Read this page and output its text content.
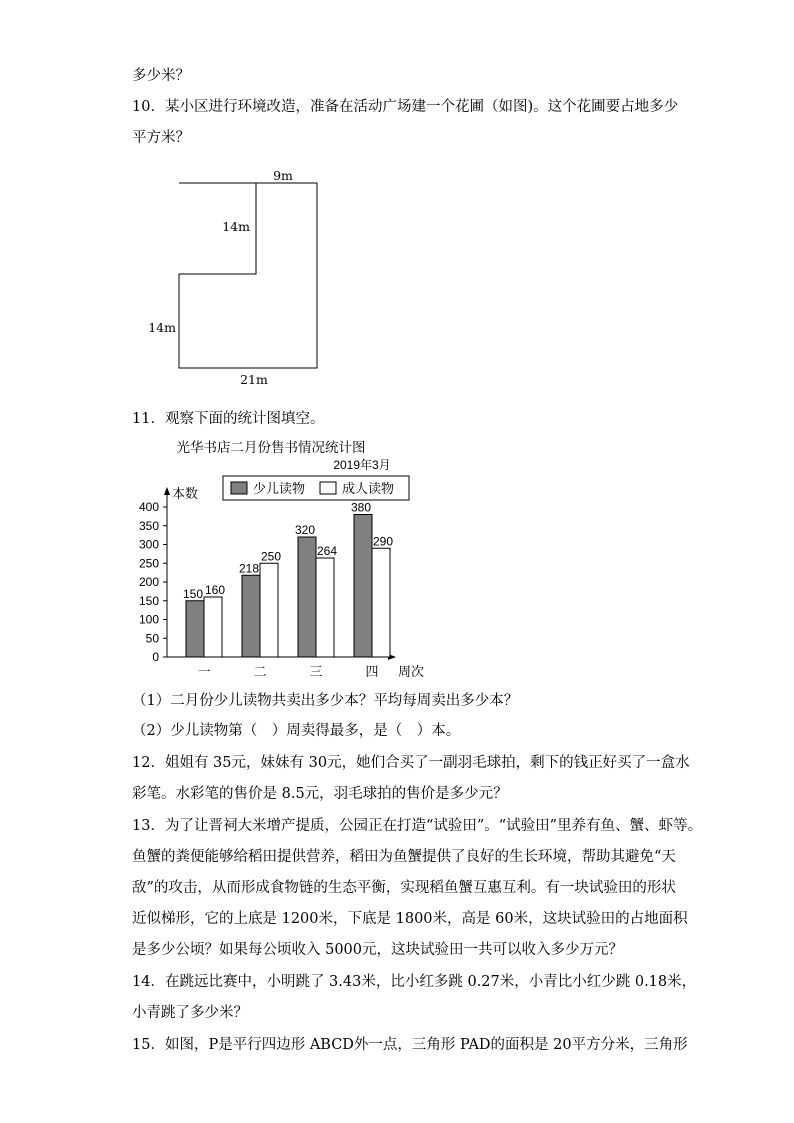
多少米？
10．某小区进行环境改造，准备在活动广场建一个花圃（如图)。这个花圃要占地多少
平方米？
9m
14m
14m
21m
11．观察下面的统计图填空。
光华书店二月份售书情况统计图
2019年3月
本数
周次
0
50
100
150
200
250
300
350
400
150 160
一
218
250
二
320
264
三
380
290
四
少儿读物	成人读物
（1）二月份少儿读物共卖出多少本？平均每周卖出多少本？
（2）少儿读物第（　）周卖得最多，是（　）本。
12．姐姐有 35元，妹妹有 30元，她们合买了一副羽毛球拍，剩下的钱正好买了一盒水
彩笔。水彩笔的售价是 8.5元，羽毛球拍的售价是多少元？
13．为了让晋祠大米增产提质，公园正在打造“试验田”。“试验田”里养有鱼、蟹、虾等。
鱼蟹的粪便能够给稻田提供营养，稻田为鱼蟹提供了良好的生长环境，帮助其避免“天
敌”的攻击，从而形成食物链的生态平衡，实现稻鱼蟹互惠互利。有一块试验田的形状
近似梯形，它的上底是 1200米，下底是 1800米，高是 60米，这块试验田的占地面积
是多少公顷？如果每公顷收入 5000元，这块试验田一共可以收入多少万元？
14．在跳远比赛中，小明跳了 3.43米，比小红多跳 0.27米，小青比小红少跳 0.18米，
小青跳了多少米？
15．如图，P是平行四边形 ABCD外一点，三角形 PAD的面积是 20平方分米，三角形
